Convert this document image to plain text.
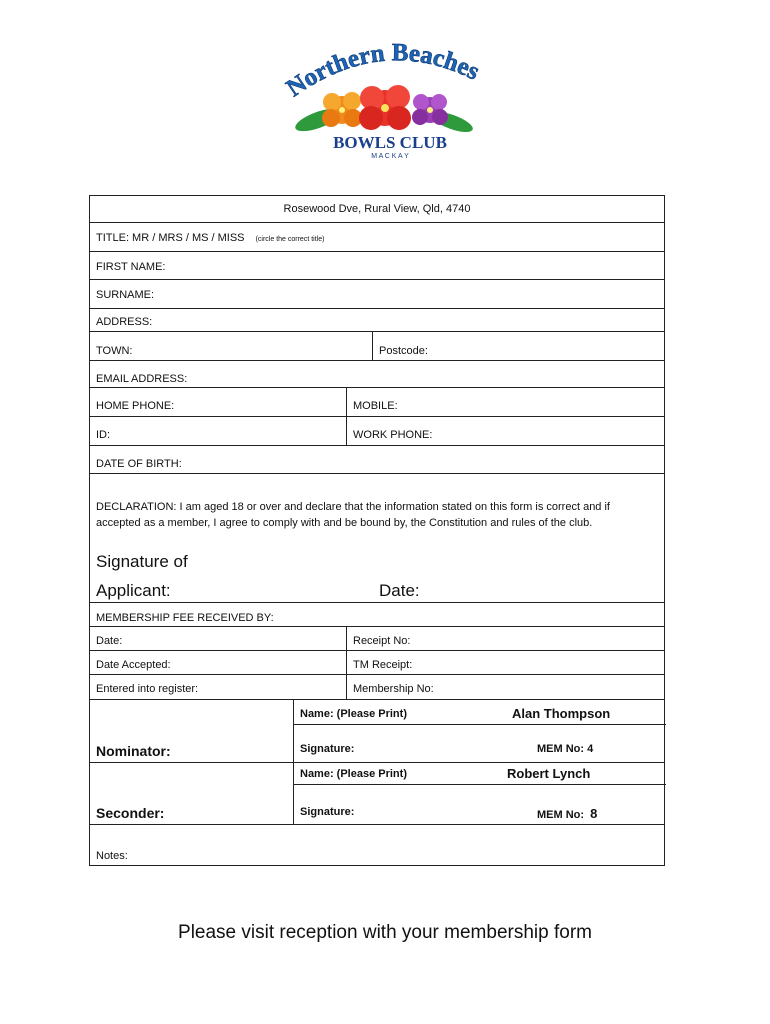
Northern Beaches
BOWLS CLUB
M A C K A Y
Rosewood Dve, Rural View, Qld, 4740
TITLE: MR / MRS / MS / MISS (circle the correct title)
FIRST NAME:
SURNAME:
ADDRESS:
TOWN:	Postcode:
EMAIL ADDRESS:
HOME PHONE:	MOBILE:
ID:	WORK PHONE:
DATE OF BIRTH:
DECLARATION: I am aged 18 or over and declare that the information stated on this form is correct and if accepted as a member, I agree to comply with and be bound by, the Constitution and rules of the club.
Signature of
Applicant:	Date:
MEMBERSHIP FEE RECEIVED BY:
Date:	Receipt No:
Date Accepted:	TM Receipt:
Entered into register:	Membership No:
Nominator:
Name: (Please Print)	Alan Thompson
Signature:	MEM No: 4
Seconder:
Name: (Please Print)	Robert Lynch
Signature:	MEM No: 8
Notes:
Please visit reception with your membership form
